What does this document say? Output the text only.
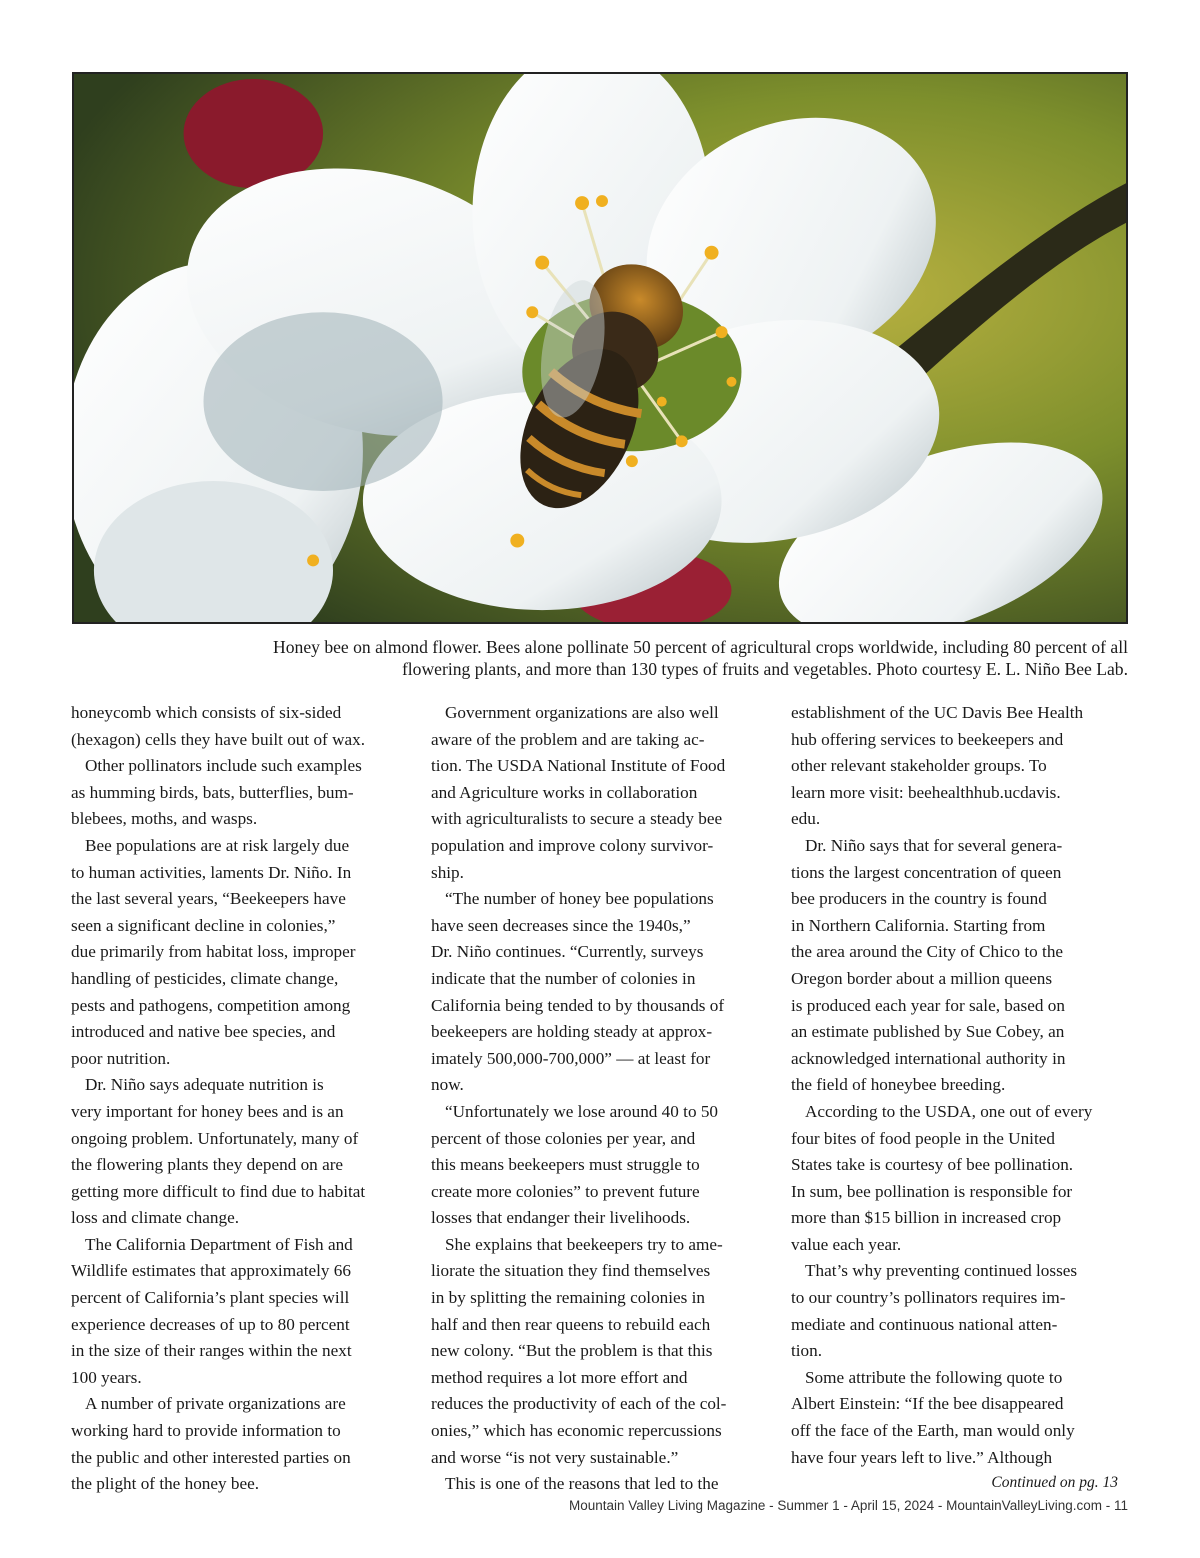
Honey bee on almond flower. Bees alone pollinate 50 percent of agricultural crops worldwide, including 80 percent of all
flowering plants, and more than 130 types of fruits and vegetables. Photo courtesy E. L. Niño Bee Lab.

honeycomb which consists of six-sided
(hexagon) cells they have built out of wax.

Other pollinators include such examples
as humming birds, bats, butterflies, bum-
blebees, moths, and wasps.

Bee populations are at risk largely due
to human activities, laments Dr. Niño. In
the last several years, “Beekeepers have
seen a significant decline in colonies,”
due primarily from habitat loss, improper
handling of pesticides, climate change,
pests and pathogens, competition among
introduced and native bee species, and
poor nutrition.

Dr. Niño says adequate nutrition is
very important for honey bees and is an
ongoing problem. Unfortunately, many of
the flowering plants they depend on are
getting more difficult to find due to habitat
loss and climate change.

The California Department of Fish and
Wildlife estimates that approximately 66
percent of California’s plant species will
experience decreases of up to 80 percent
in the size of their ranges within the next
100 years.

A number of private organizations are
working hard to provide information to
the public and other interested parties on
the plight of the honey bee.

Government organizations are also well
aware of the problem and are taking ac-
tion. The USDA National Institute of Food
and Agriculture works in collaboration
with agriculturalists to secure a steady bee
population and improve colony survivor-
ship.

“The number of honey bee populations
have seen decreases since the 1940s,”
Dr. Niño continues. “Currently, surveys
indicate that the number of colonies in
California being tended to by thousands of
beekeepers are holding steady at approx-
imately 500,000-700,000” — at least for
now.

“Unfortunately we lose around 40 to 50
percent of those colonies per year, and
this means beekeepers must struggle to
create more colonies” to prevent future
losses that endanger their livelihoods.

She explains that beekeepers try to ame-
liorate the situation they find themselves
in by splitting the remaining colonies in
half and then rear queens to rebuild each
new colony. “But the problem is that this
method requires a lot more effort and
reduces the productivity of each of the col-
onies,” which has economic repercussions
and worse “is not very sustainable.”

This is one of the reasons that led to the

establishment of the UC Davis Bee Health
hub offering services to beekeepers and
other relevant stakeholder groups. To
learn more visit: beehealthhub.ucdavis.
edu.

Dr. Niño says that for several genera-
tions the largest concentration of queen
bee producers in the country is found
in Northern California. Starting from
the area around the City of Chico to the
Oregon border about a million queens
is produced each year for sale, based on
an estimate published by Sue Cobey, an
acknowledged international authority in
the field of honeybee breeding.

According to the USDA, one out of every
four bites of food people in the United
States take is courtesy of bee pollination.
In sum, bee pollination is responsible for
more than $15 billion in increased crop
value each year.

That’s why preventing continued losses
to our country’s pollinators requires im-
mediate and continuous national atten-
tion.

Some attribute the following quote to
Albert Einstein: “If the bee disappeared
off the face of the Earth, man would only
have four years left to live.” Although

Continued on pg. 13
Mountain Valley Living Magazine - Summer 1 - April 15, 2024 - MountainValleyLiving.com - 11
